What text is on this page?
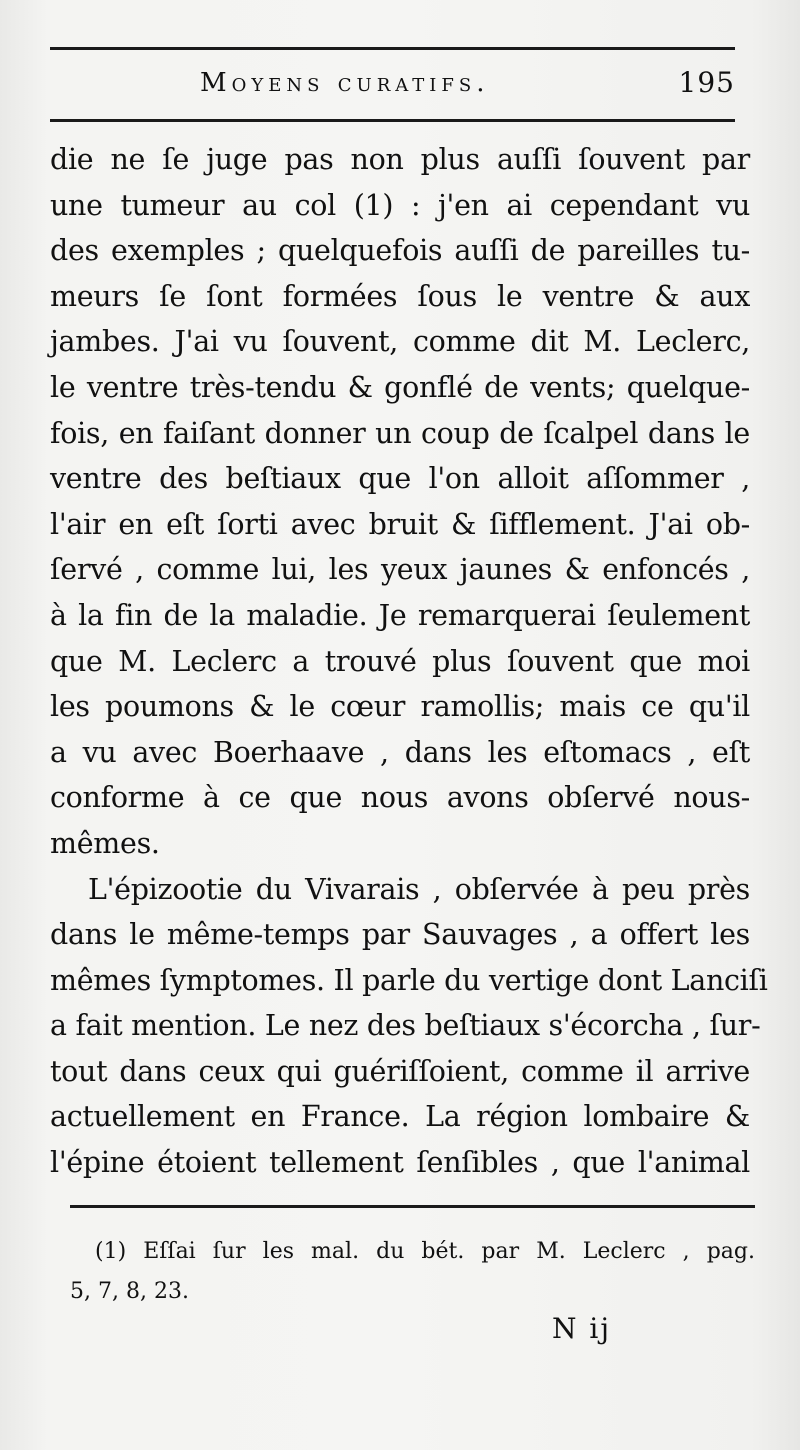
Moyens curatifs.	195
die ne ſe juge pas non plus auſſi ſouvent par
une tumeur au col (1) : j'en ai cependant vu
des exemples ; quelquefois auſſi de pareilles tu-
meurs ſe ſont formées ſous le ventre & aux
jambes. J'ai vu ſouvent, comme dit M. Leclerc,
le ventre très-tendu & gonflé de vents; quelque-
fois, en faiſant donner un coup de ſcalpel dans le
ventre des beſtiaux que l'on alloit aſſommer ,
l'air en eſt ſorti avec bruit & ſifflement. J'ai ob-
ſervé , comme lui, les yeux jaunes & enfoncés ,
à la fin de la maladie. Je remarquerai ſeulement
que M. Leclerc a trouvé plus ſouvent que moi
les poumons & le cœur ramollis; mais ce qu'il
a vu avec Boerhaave , dans les eſtomacs , eſt
conforme à ce que nous avons obſervé nous-
mêmes.
L'épizootie du Vivarais , obſervée à peu près
dans le même-temps par Sauvages , a offert les
mêmes ſymptomes. Il parle du vertige dont Lanciſi
a fait mention. Le nez des beſtiaux s'écorcha , ſur-
tout dans ceux qui guériſſoient, comme il arrive
actuellement en France. La région lombaire &
l'épine étoient tellement ſenſibles , que l'animal
(1) Eſſai ſur les mal. du bét. par M. Leclerc , pag.
5, 7, 8, 23.
N ij
